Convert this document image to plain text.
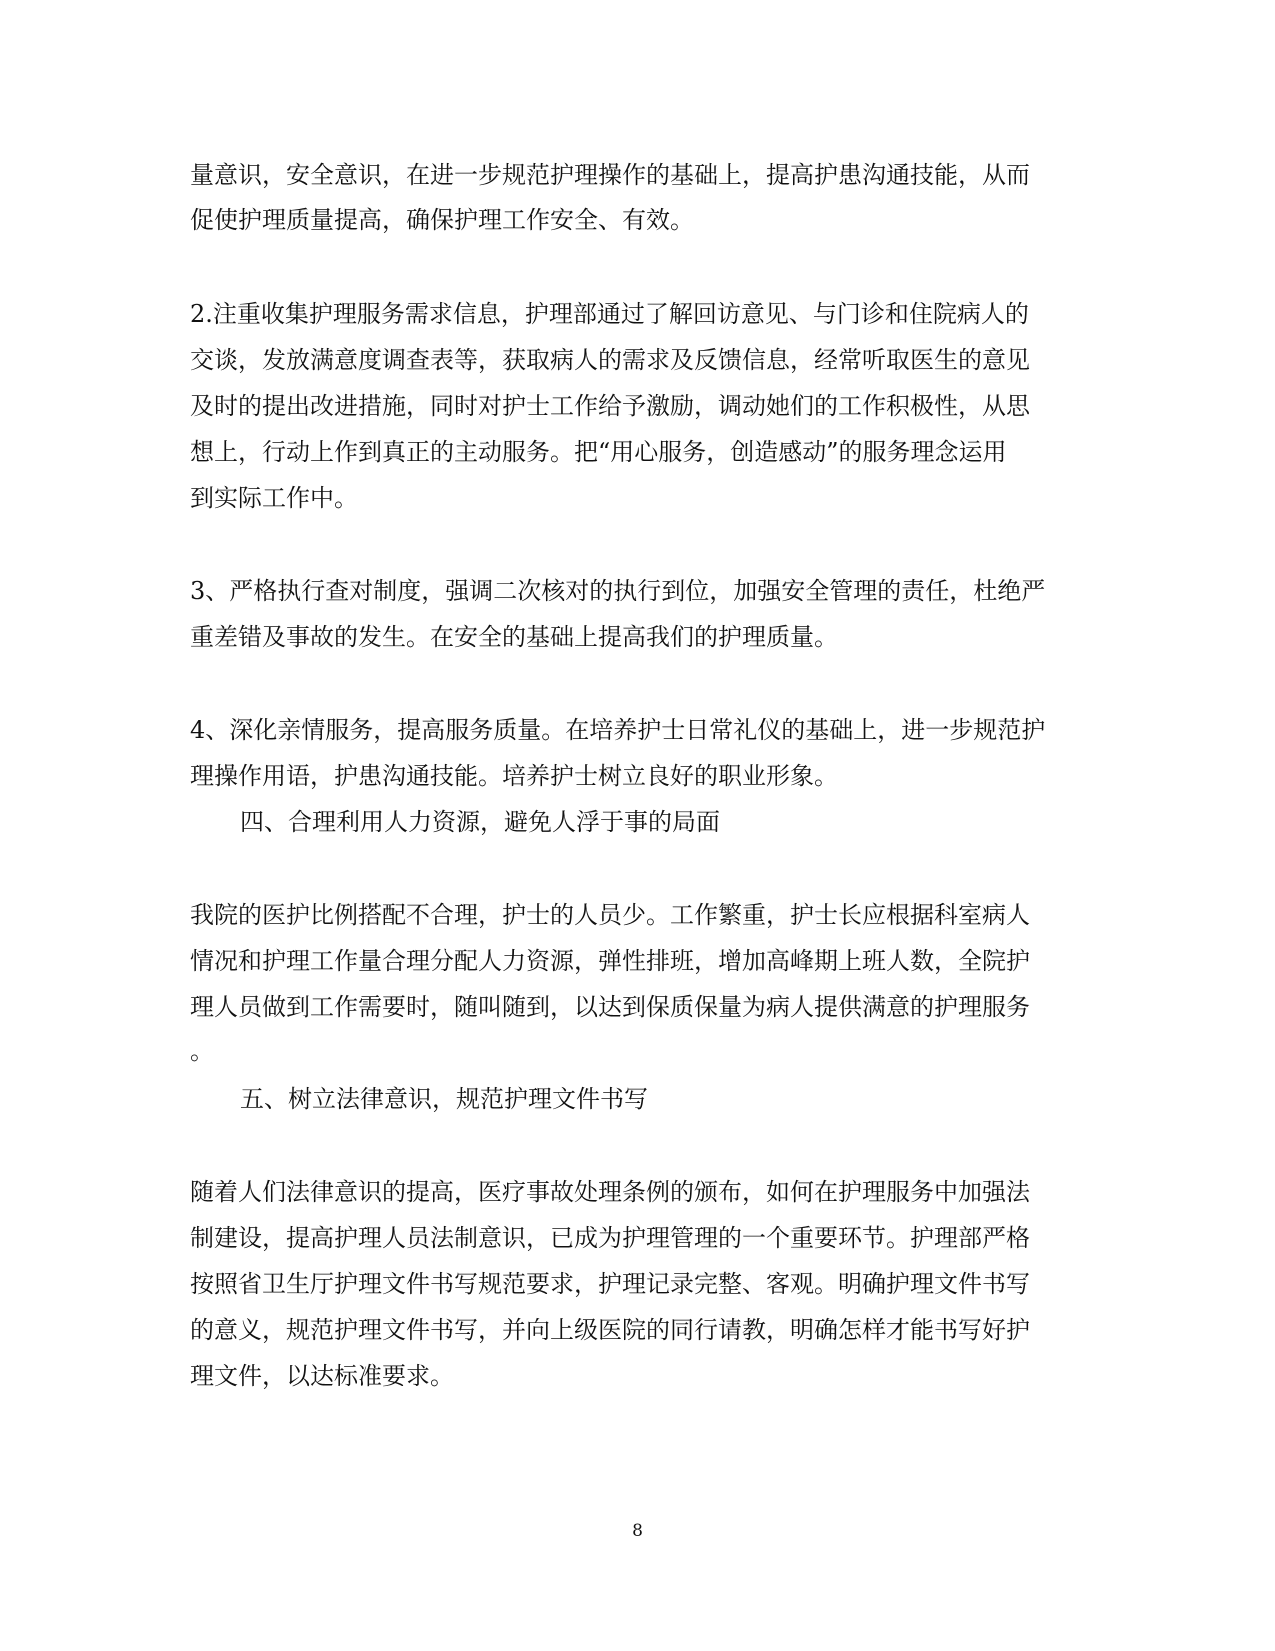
量意识，安全意识，在进一步规范护理操作的基础上，提高护患沟通技能，从而
促使护理质量提高，确保护理工作安全、有效。
2.注重收集护理服务需求信息，护理部通过了解回访意见、与门诊和住院病人的
交谈，发放满意度调查表等，获取病人的需求及反馈信息，经常听取医生的意见
及时的提出改进措施，同时对护士工作给予激励，调动她们的工作积极性，从思
想上，行动上作到真正的主动服务。把“用心服务，创造感动”的服务理念运用
到实际工作中。
3、严格执行查对制度，强调二次核对的执行到位，加强安全管理的责任，杜绝严
重差错及事故的发生。在安全的基础上提高我们的护理质量。
4、深化亲情服务，提高服务质量。在培养护士日常礼仪的基础上，进一步规范护
理操作用语，护患沟通技能。培养护士树立良好的职业形象。
四、合理利用人力资源，避免人浮于事的局面
我院的医护比例搭配不合理，护士的人员少。工作繁重，护士长应根据科室病人
情况和护理工作量合理分配人力资源，弹性排班，增加高峰期上班人数，全院护
理人员做到工作需要时，随叫随到，以达到保质保量为病人提供满意的护理服务
。
五、树立法律意识，规范护理文件书写
随着人们法律意识的提高，医疗事故处理条例的颁布，如何在护理服务中加强法
制建设，提高护理人员法制意识，已成为护理管理的一个重要环节。护理部严格
按照省卫生厅护理文件书写规范要求，护理记录完整、客观。明确护理文件书写
的意义，规范护理文件书写，并向上级医院的同行请教，明确怎样才能书写好护
理文件，以达标准要求。
8
